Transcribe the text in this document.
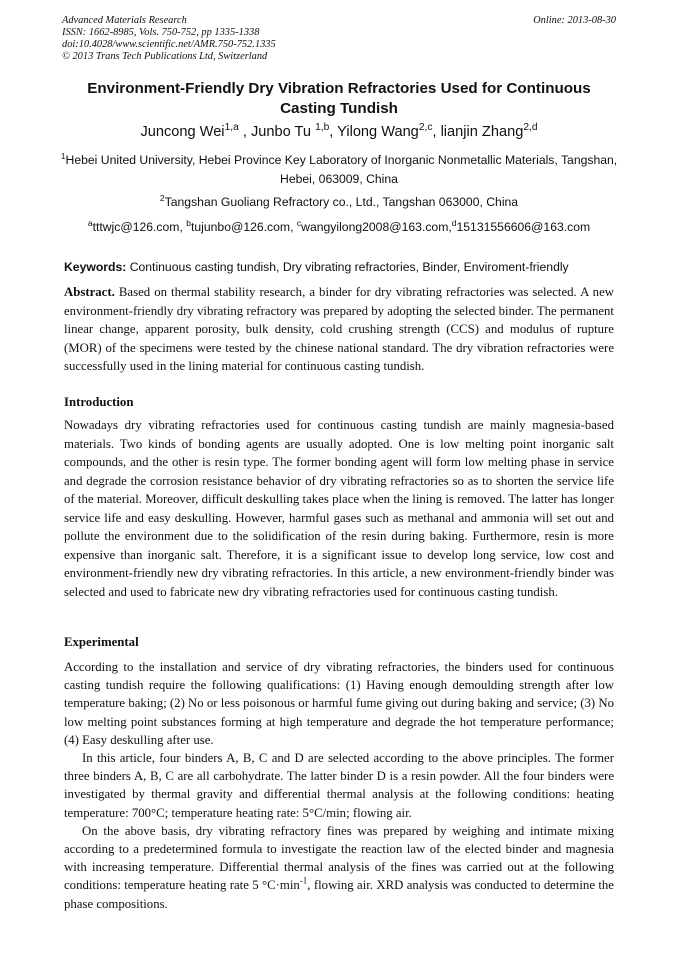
Advanced Materials Research
ISSN: 1662-8985, Vols. 750-752, pp 1335-1338
doi:10.4028/www.scientific.net/AMR.750-752.1335
© 2013 Trans Tech Publications Ltd, Switzerland
Online: 2013-08-30
Environment-Friendly Dry Vibration Refractories Used for Continuous Casting Tundish
Juncong Wei$^{1,a}$ , Junbo Tu $^{1,b}$, Yilong Wang$^{2,c}$, lianjin Zhang$^{2,d}$
$^1$Hebei United University, Hebei Province Key Laboratory of Inorganic Nonmetallic Materials, Tangshan, Hebei, 063009, China
$^2$Tangshan Guoliang Refractory co., Ltd., Tangshan 063000, China
$^a$tttwjc@126.com, $^b$tujunbo@126.com, $^c$wangyilong2008@163.com,$^d$15131556606@163.com
Keywords: Continuous casting tundish, Dry vibrating refractories, Binder, Enviroment-friendly
Abstract. Based on thermal stability research, a binder for dry vibrating refractories was selected. A new environment-friendly dry vibrating refractory was prepared by adopting the selected binder. The permanent linear change, apparent porosity, bulk density, cold crushing strength (CCS) and modulus of rupture (MOR) of the specimens were tested by the chinese national standard. The dry vibration refractories were successfully used in the lining material for continuous casting tundish.
Introduction

Nowadays dry vibrating refractories used for continuous casting tundish are mainly magnesia-based materials. Two kinds of bonding agents are usually adopted. One is low melting point inorganic salt compounds, and the other is resin type. The former bonding agent will form low melting phase in service and degrade the corrosion resistance behavior of dry vibrating refractories so as to shorten the service life of the material. Moreover, difficult deskulling takes place when the lining is removed. The latter has longer service life and easy deskulling. However, harmful gases such as methanal and ammonia will set out and pollute the environment due to the solidification of the resin during baking. Furthermore, resin is more expensive than inorganic salt. Therefore, it is a significant issue to develop long service, low cost and environment-friendly new dry vibrating refractories. In this article, a new environment-friendly binder was selected and used to fabricate new dry vibrating refractories used for continuous casting tundish.

Experimental

According to the installation and service of dry vibrating refractories, the binders used for continuous casting tundish require the following qualifications: (1) Having enough demoulding strength after low temperature baking; (2) No or less poisonous or harmful fume giving out during baking and service; (3) No low melting point substances forming at high temperature and degrade the hot temperature performance; (4) Easy deskulling after use.

In this article, four binders A, B, C and D are selected according to the above principles. The former three binders A, B, C are all carbohydrate. The latter binder D is a resin powder. All the four binders were investigated by thermal gravity and differential thermal analysis at the following conditions: heating temperature: 700°C; temperature heating rate: 5°C/min; flowing air.

On the above basis, dry vibrating refractory fines was prepared by weighing and intimate mixing according to a predetermined formula to investigate the reaction law of the elected binder and magnesia with increasing temperature. Differential thermal analysis of the fines was carried out at the following conditions: temperature heating rate 5 $^\circ C\cdot\min^{-1}$, flowing air. XRD analysis was conducted to determine the phase compositions.
